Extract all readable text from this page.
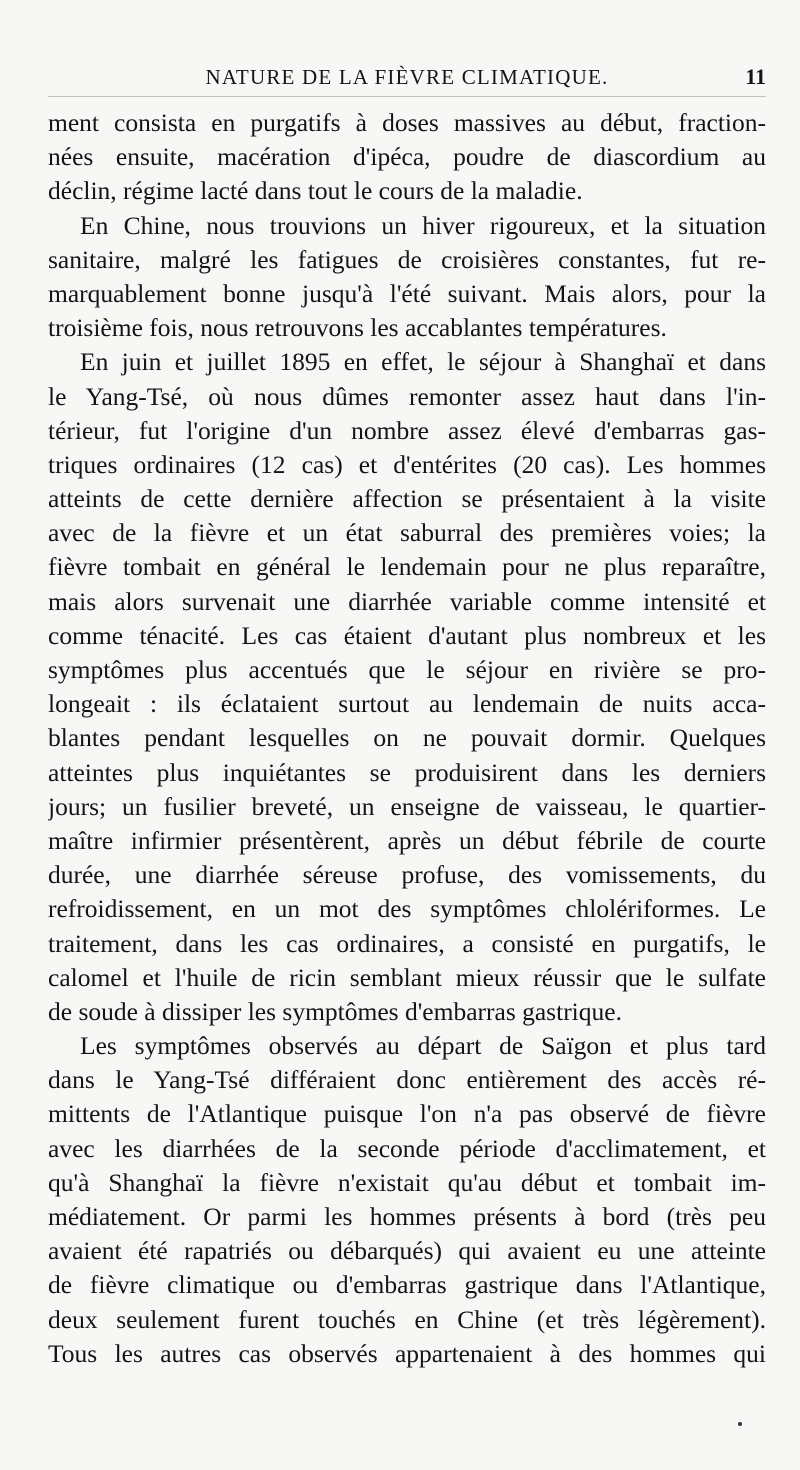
NATURE DE LA FIÈVRE CLIMATIQUE.	11
ment consista en purgatifs à doses massives au début, fraction-
nées ensuite, macération d'ipéca, poudre de diascordium au
déclin, régime lacté dans tout le cours de la maladie.
En Chine, nous trouvions un hiver rigoureux, et la situation
sanitaire, malgré les fatigues de croisières constantes, fut re-
marquablement bonne jusqu'à l'été suivant. Mais alors, pour la
troisième fois, nous retrouvons les accablantes températures.
En juin et juillet 1895 en effet, le séjour à Shanghaï et dans
le Yang-Tsé, où nous dûmes remonter assez haut dans l'in-
térieur, fut l'origine d'un nombre assez élevé d'embarras gas-
triques ordinaires (12 cas) et d'entérites (20 cas). Les hommes
atteints de cette dernière affection se présentaient à la visite
avec de la fièvre et un état saburral des premières voies; la
fièvre tombait en général le lendemain pour ne plus reparaître,
mais alors survenait une diarrhée variable comme intensité et
comme ténacité. Les cas étaient d'autant plus nombreux et les
symptômes plus accentués que le séjour en rivière se pro-
longeait : ils éclataient surtout au lendemain de nuits acca-
blantes pendant lesquelles on ne pouvait dormir. Quelques
atteintes plus inquiétantes se produisirent dans les derniers
jours; un fusilier breveté, un enseigne de vaisseau, le quartier-
maître infirmier présentèrent, après un début fébrile de courte
durée, une diarrhée séreuse profuse, des vomissements, du
refroidissement, en un mot des symptômes chlolériformes. Le
traitement, dans les cas ordinaires, a consisté en purgatifs, le
calomel et l'huile de ricin semblant mieux réussir que le sulfate
de soude à dissiper les symptômes d'embarras gastrique.
Les symptômes observés au départ de Saïgon et plus tard
dans le Yang-Tsé différaient donc entièrement des accès ré-
mittents de l'Atlantique puisque l'on n'a pas observé de fièvre
avec les diarrhées de la seconde période d'acclimatement, et
qu'à Shanghaï la fièvre n'existait qu'au début et tombait im-
médiatement. Or parmi les hommes présents à bord (très peu
avaient été rapatriés ou débarqués) qui avaient eu une atteinte
de fièvre climatique ou d'embarras gastrique dans l'Atlantique,
deux seulement furent touchés en Chine (et très légèrement).
Tous les autres cas observés appartenaient à des hommes qui
